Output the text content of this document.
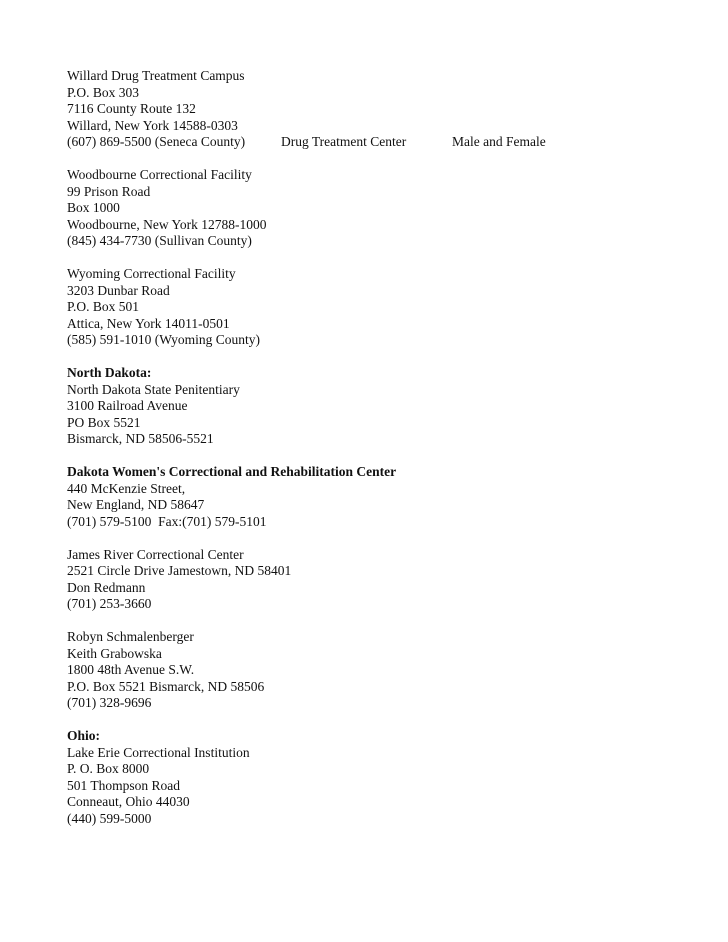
Willard Drug Treatment Campus
P.O. Box 303
7116 County Route 132
Willard, New York 14588-0303
(607) 869-5500 (Seneca County)	Drug Treatment Center	Male and Female
Woodbourne Correctional Facility
99 Prison Road
Box 1000
Woodbourne, New York 12788-1000
(845) 434-7730 (Sullivan County)
Wyoming Correctional Facility
3203 Dunbar Road
P.O. Box 501
Attica, New York 14011-0501
(585) 591-1010 (Wyoming County)
North Dakota:
North Dakota State Penitentiary
3100 Railroad Avenue
PO Box 5521
Bismarck, ND 58506-5521
Dakota Women's Correctional and Rehabilitation Center
440 McKenzie Street,
New England, ND 58647
(701) 579-5100  Fax:(701) 579-5101
James River Correctional Center
2521 Circle Drive Jamestown, ND 58401
Don Redmann
(701) 253-3660
Robyn Schmalenberger
Keith Grabowska
1800 48th Avenue S.W.
P.O. Box 5521 Bismarck, ND 58506
(701) 328-9696
Ohio:
Lake Erie Correctional Institution
P. O. Box 8000
501 Thompson Road
Conneaut, Ohio 44030
(440) 599-5000
